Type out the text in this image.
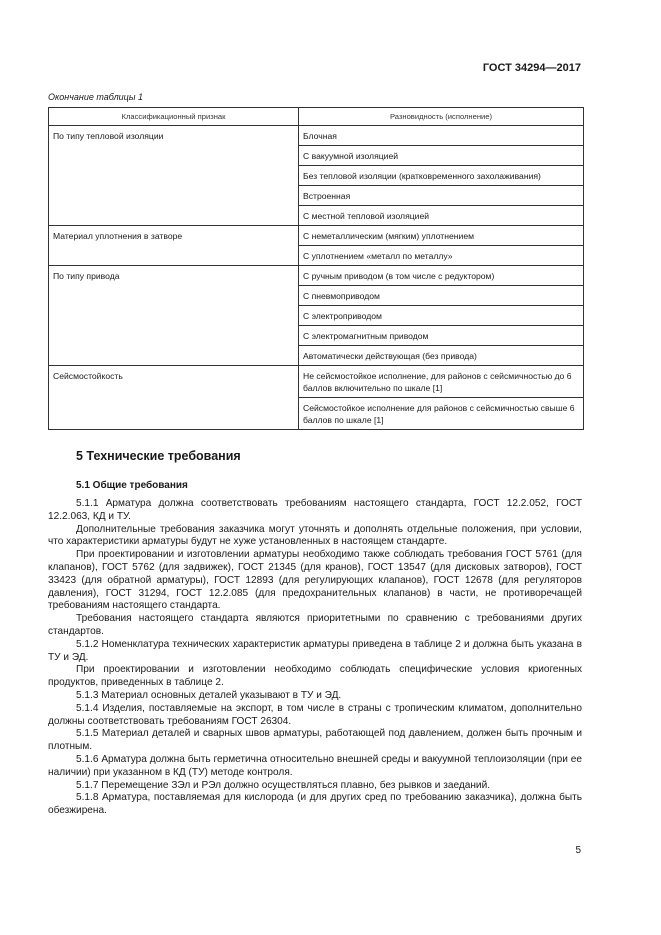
ГОСТ 34294—2017
Окончание таблицы 1
Классификационный признак	Разновидность (исполнение)
По типу тепловой изоляции	Блочная
	С вакуумной изоляцией
	Без тепловой изоляции (кратковременного захолаживания)
	Встроенная
	С местной тепловой изоляцией
Материал уплотнения в затворе	С неметаллическим (мягким) уплотнением
	С уплотнением «металл по металлу»
По типу привода	С ручным приводом (в том числе с редуктором)
	С пневмоприводом
	С электроприводом
	С электромагнитным приводом
	Автоматически действующая (без привода)
Сейсмостойкость	Не сейсмостойкое исполнение, для районов с сейсмичностью до 6 баллов включительно по шкале [1]
	Сейсмостойкое исполнение для районов с сейсмичностью свыше 6 баллов по шкале [1]
5 Технические требования
5.1 Общие требования

5.1.1 Арматура должна соответствовать требованиям настоящего стандарта, ГОСТ 12.2.052, ГОСТ 12.2.063, КД и ТУ.

Дополнительные требования заказчика могут уточнять и дополнять отдельные положения, при условии, что характеристики арматуры будут не хуже установленных в настоящем стандарте.

При проектировании и изготовлении арматуры необходимо также соблюдать требования ГОСТ 5761 (для клапанов), ГОСТ 5762 (для задвижек), ГОСТ 21345 (для кранов), ГОСТ 13547 (для дисковых затворов), ГОСТ 33423 (для обратной арматуры), ГОСТ 12893 (для регулирующих клапанов), ГОСТ 12678 (для регуляторов давления), ГОСТ 31294, ГОСТ 12.2.085 (для предохранительных клапанов) в части, не противоречащей требованиям настоящего стандарта.

Требования настоящего стандарта являются приоритетными по сравнению с требованиями других стандартов.

5.1.2 Номенклатура технических характеристик арматуры приведена в таблице 2 и должна быть указана в ТУ и ЭД.

При проектировании и изготовлении необходимо соблюдать специфические условия криогенных продуктов, приведенных в таблице 2.

5.1.3 Материал основных деталей указывают в ТУ и ЭД.

5.1.4 Изделия, поставляемые на экспорт, в том числе в страны с тропическим климатом, дополнительно должны соответствовать требованиям ГОСТ 26304.

5.1.5 Материал деталей и сварных швов арматуры, работающей под давлением, должен быть прочным и плотным.

5.1.6 Арматура должна быть герметична относительно внешней среды и вакуумной теплоизоляции (при ее наличии) при указанном в КД (ТУ) методе контроля.

5.1.7 Перемещение ЗЭл и РЭл должно осуществляться плавно, без рывков и заеданий.

5.1.8 Арматура, поставляемая для кислорода (и для других сред по требованию заказчика), должна быть обезжирена.

5
